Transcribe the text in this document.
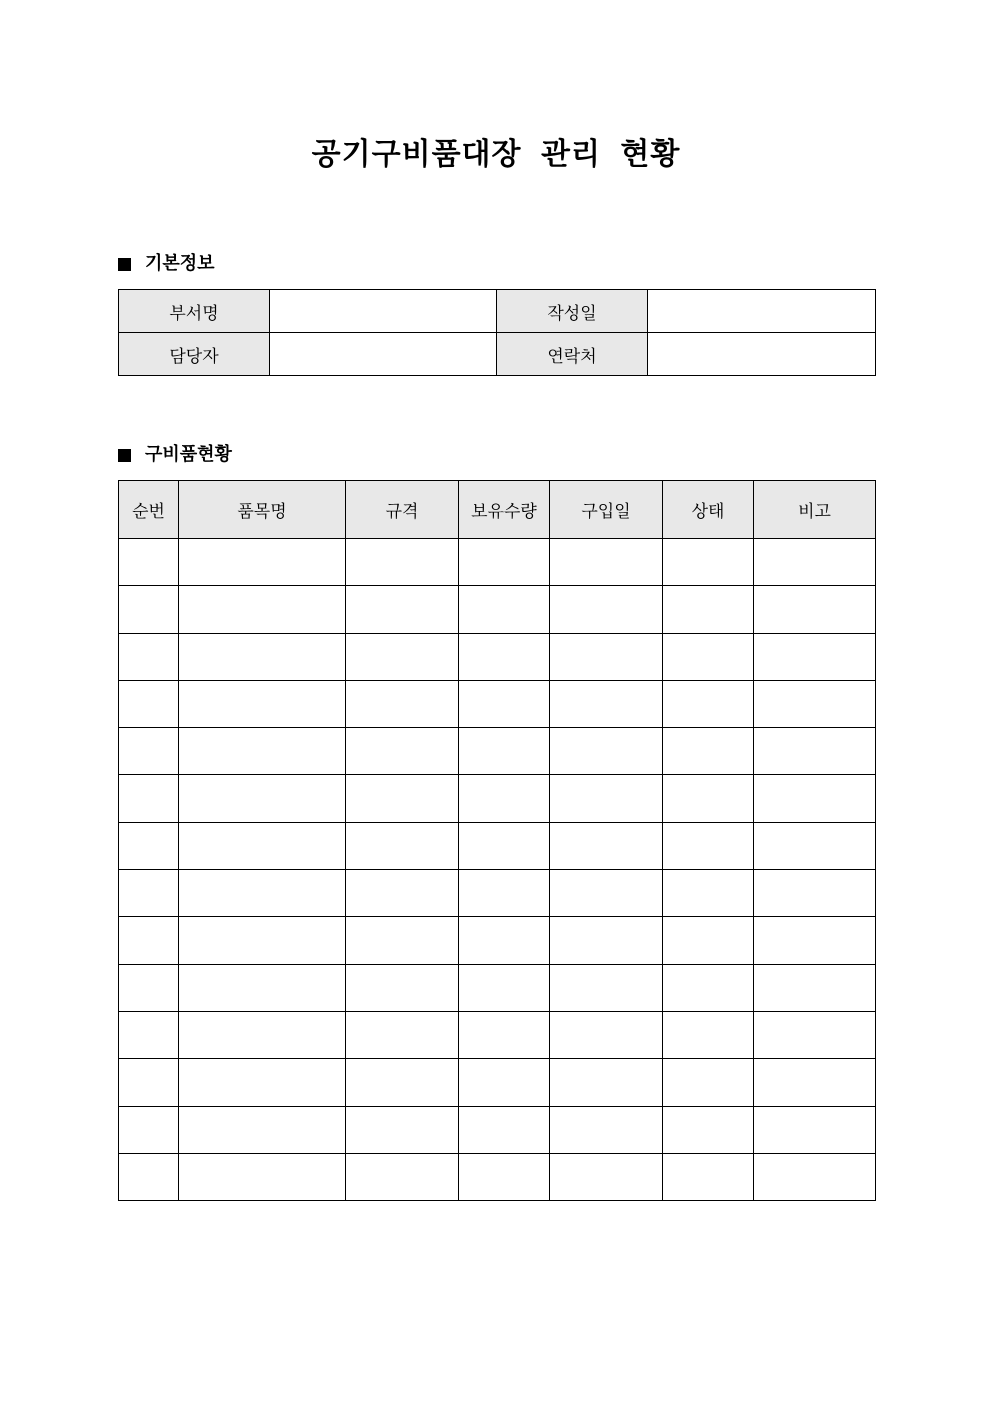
공기구비품대장 관리 현황
기본정보
부서명		작성일	
담당자		연락처	
구비품현황
순번	품목명	규격	보유수량	구입일	상태	비고
